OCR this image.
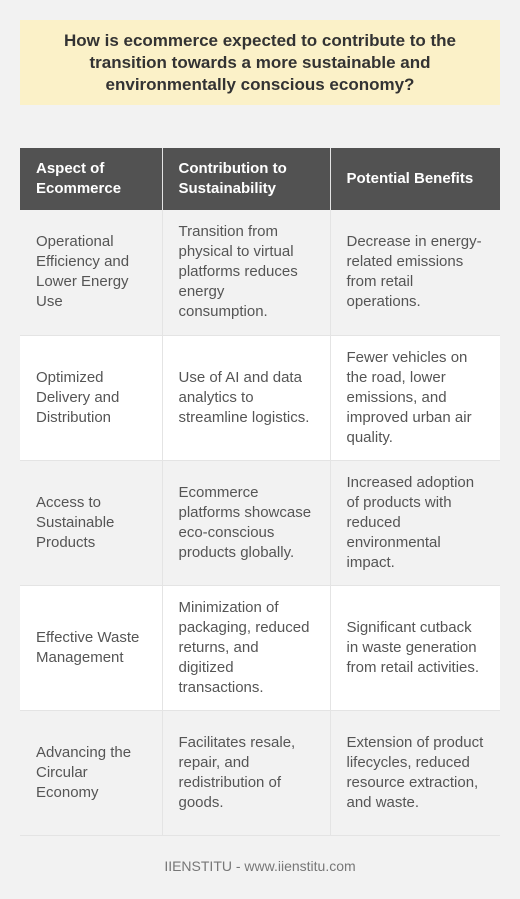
How is ecommerce expected to contribute to the transition towards a more sustainable and environmentally conscious economy?
Aspect of Ecommerce	Contribution to Sustainability	Potential Benefits
Operational Efficiency and Lower Energy Use	Transition from physical to virtual platforms reduces energy consumption.	Decrease in energy-related emissions from retail operations.
Optimized Delivery and Distribution	Use of AI and data analytics to streamline logistics.	Fewer vehicles on the road, lower emissions, and improved urban air quality.
Access to Sustainable Products	Ecommerce platforms showcase eco-conscious products globally.	Increased adoption of products with reduced environmental impact.
Effective Waste Management	Minimization of packaging, reduced returns, and digitized transactions.	Significant cutback in waste generation from retail activities.
Advancing the Circular Economy	Facilitates resale, repair, and redistribution of goods.	Extension of product lifecycles, reduced resource extraction, and waste.
IIENSTITU - www.iienstitu.com
